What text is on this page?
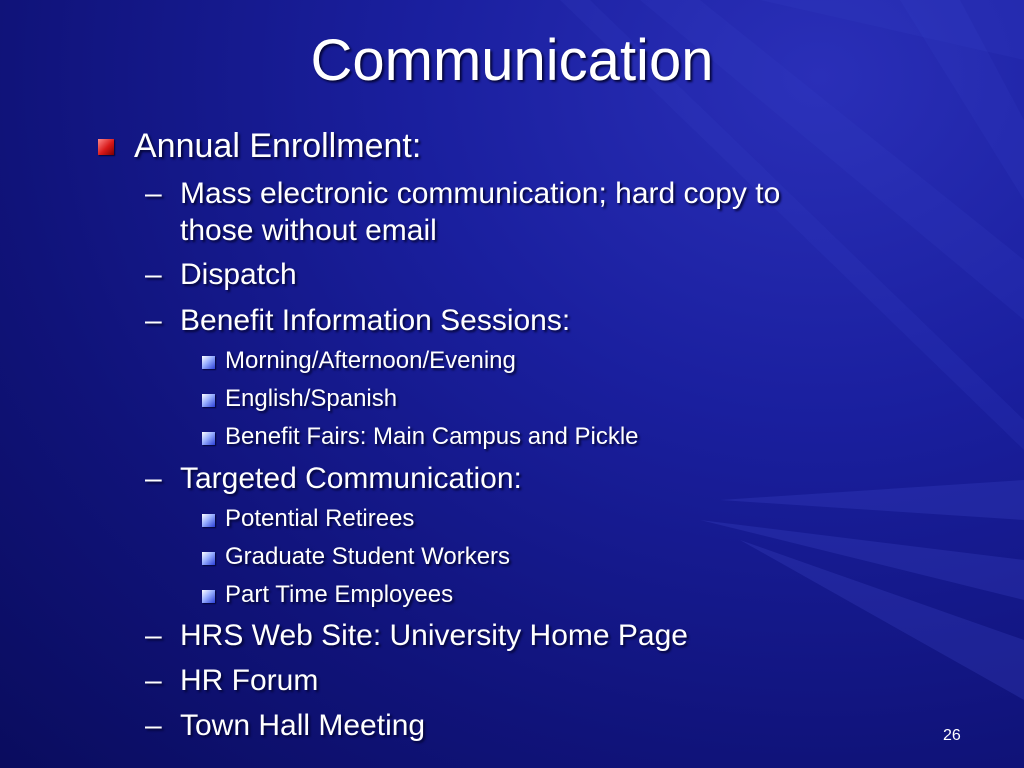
Communication
Annual Enrollment:
– Mass electronic communication; hard copy to
those without email
– Dispatch
– Benefit Information Sessions:
Morning/Afternoon/Evening
English/Spanish
Benefit Fairs: Main Campus and Pickle
– Targeted Communication:
Potential Retirees
Graduate Student Workers
Part Time Employees
– HRS Web Site: University Home Page
– HR Forum
– Town Hall Meeting	26
